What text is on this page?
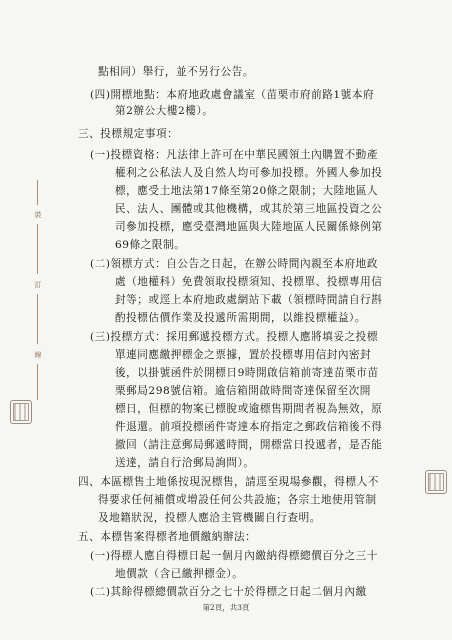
點相同）舉行，並不另行公告。
(四)開標地點：本府地政處會議室（苗栗市府前路1號本府
第2辦公大樓2樓）。
三、投標規定事項：
(一)投標資格：凡法律上許可在中華民國領土內購置不動產
權利之公私法人及自然人均可參加投標。外國人參加投
標，應受土地法第17條至第20條之限制；大陸地區人
民、法人、團體或其他機構，或其於第三地區投資之公
司參加投標，應受臺灣地區與大陸地區人民關係條例第
69條之限制。
(二)領標方式：自公告之日起，在辦公時間內親至本府地政
處（地權科）免費領取投標須知、投標單、投標專用信
封等；或逕上本府地政處網站下載（領標時間請自行斟
酌投標估價作業及投遞所需期間，以維投標權益）。
(三)投標方式：採用郵遞投標方式。投標人應將填妥之投標
單連同應繳押標金之票據，置於投標專用信封內密封
後，以掛號函件於開標日9時開啟信箱前寄達苗栗市苗
栗郵局298號信箱。逾信箱開啟時間寄達保留至次開
標日，但標的物案已標脫或逾標售期間者視為無效，原
件退還。前項投標函件寄達本府指定之郵政信箱後不得
撤回（請注意郵局郵遞時間，開標當日投遞者，是否能
送達，請自行洽郵局詢問）。
四、本區標售土地係按現況標售，請逕至現場參觀，得標人不
得要求任何補償或增設任何公共設施；各宗土地使用管制
及地籍狀況，投標人應洽主管機關自行查明。
五、本標售案得標者地價繳納辦法：
(一)得標人應自得標日起一個月內繳納得標總價百分之三十
地價款（含已繳押標金）。
(二)其餘得標總價款百分之七十於得標之日起二個月內繳
裝
訂
線
第2頁，共3頁
